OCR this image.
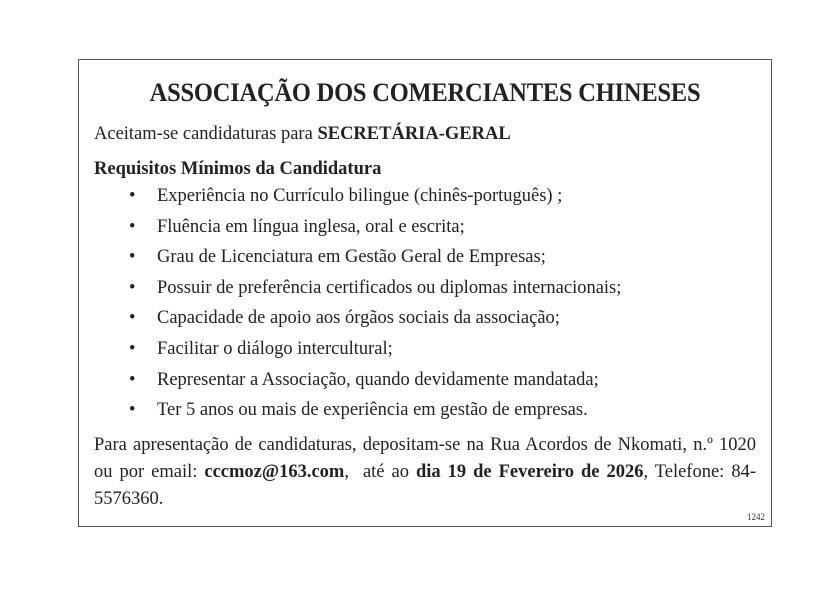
ASSOCIAÇÃO DOS COMERCIANTES CHINESES
Aceitam-se candidaturas para SECRETÁRIA-GERAL
Requisitos Mínimos da Candidatura
• Experiência no Currículo bilingue (chinês-português) ;
• Fluência em língua inglesa, oral e escrita;
• Grau de Licenciatura em Gestão Geral de Empresas;
• Possuir de preferência certificados ou diplomas internacionais;
• Capacidade de apoio aos órgãos sociais da associação;
• Facilitar o diálogo intercultural;
• Representar a Associação, quando devidamente mandatada;
• Ter 5 anos ou mais de experiência em gestão de empresas.
Para apresentação de candidaturas, depositam-se na Rua Acordos de Nkomati, n.º 1020 ou por email: cccmoz@163.com,  até ao dia 19 de Fevereiro de 2026, Telefone: 84-5576360.
1242
